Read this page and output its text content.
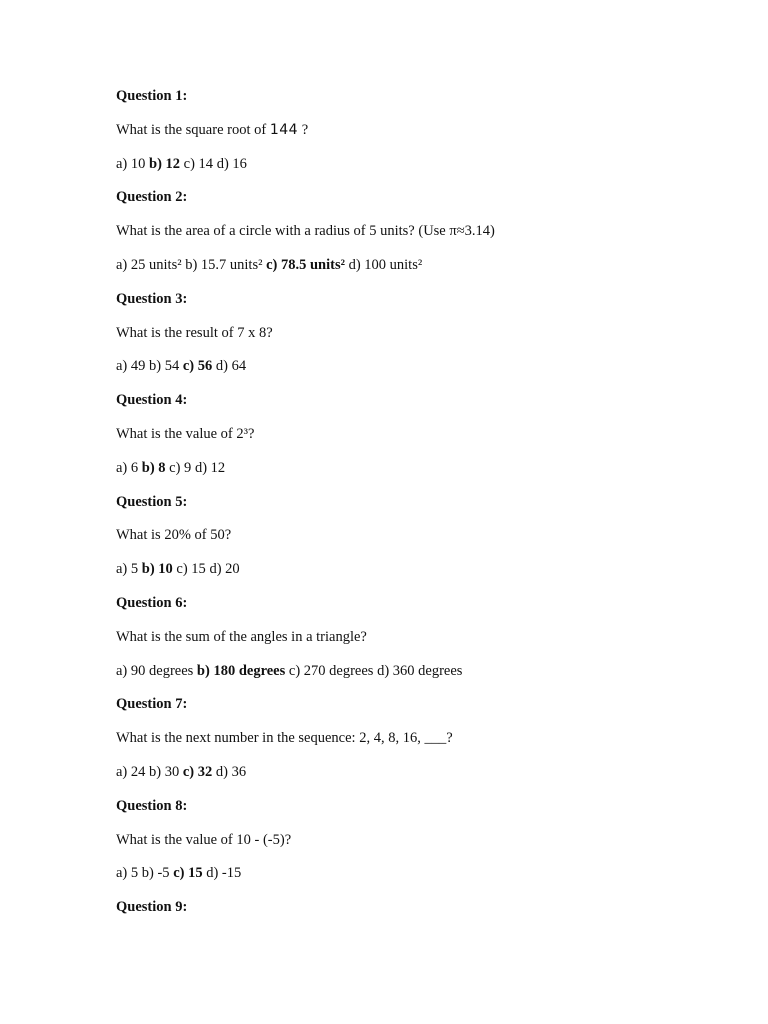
Question 1:
What is the square root of 144 ?
a) 10 b) 12 c) 14 d) 16
Question 2:
What is the area of a circle with a radius of 5 units? (Use π≈3.14)
a) 25 units² b) 15.7 units² c) 78.5 units² d) 100 units²
Question 3:
What is the result of 7 x 8?
a) 49 b) 54 c) 56 d) 64
Question 4:
What is the value of 2³?
a) 6 b) 8 c) 9 d) 12
Question 5:
What is 20% of 50?
a) 5 b) 10 c) 15 d) 20
Question 6:
What is the sum of the angles in a triangle?
a) 90 degrees b) 180 degrees c) 270 degrees d) 360 degrees
Question 7:
What is the next number in the sequence: 2, 4, 8, 16, ___?
a) 24 b) 30 c) 32 d) 36
Question 8:
What is the value of 10 - (-5)?
a) 5 b) -5 c) 15 d) -15
Question 9:
